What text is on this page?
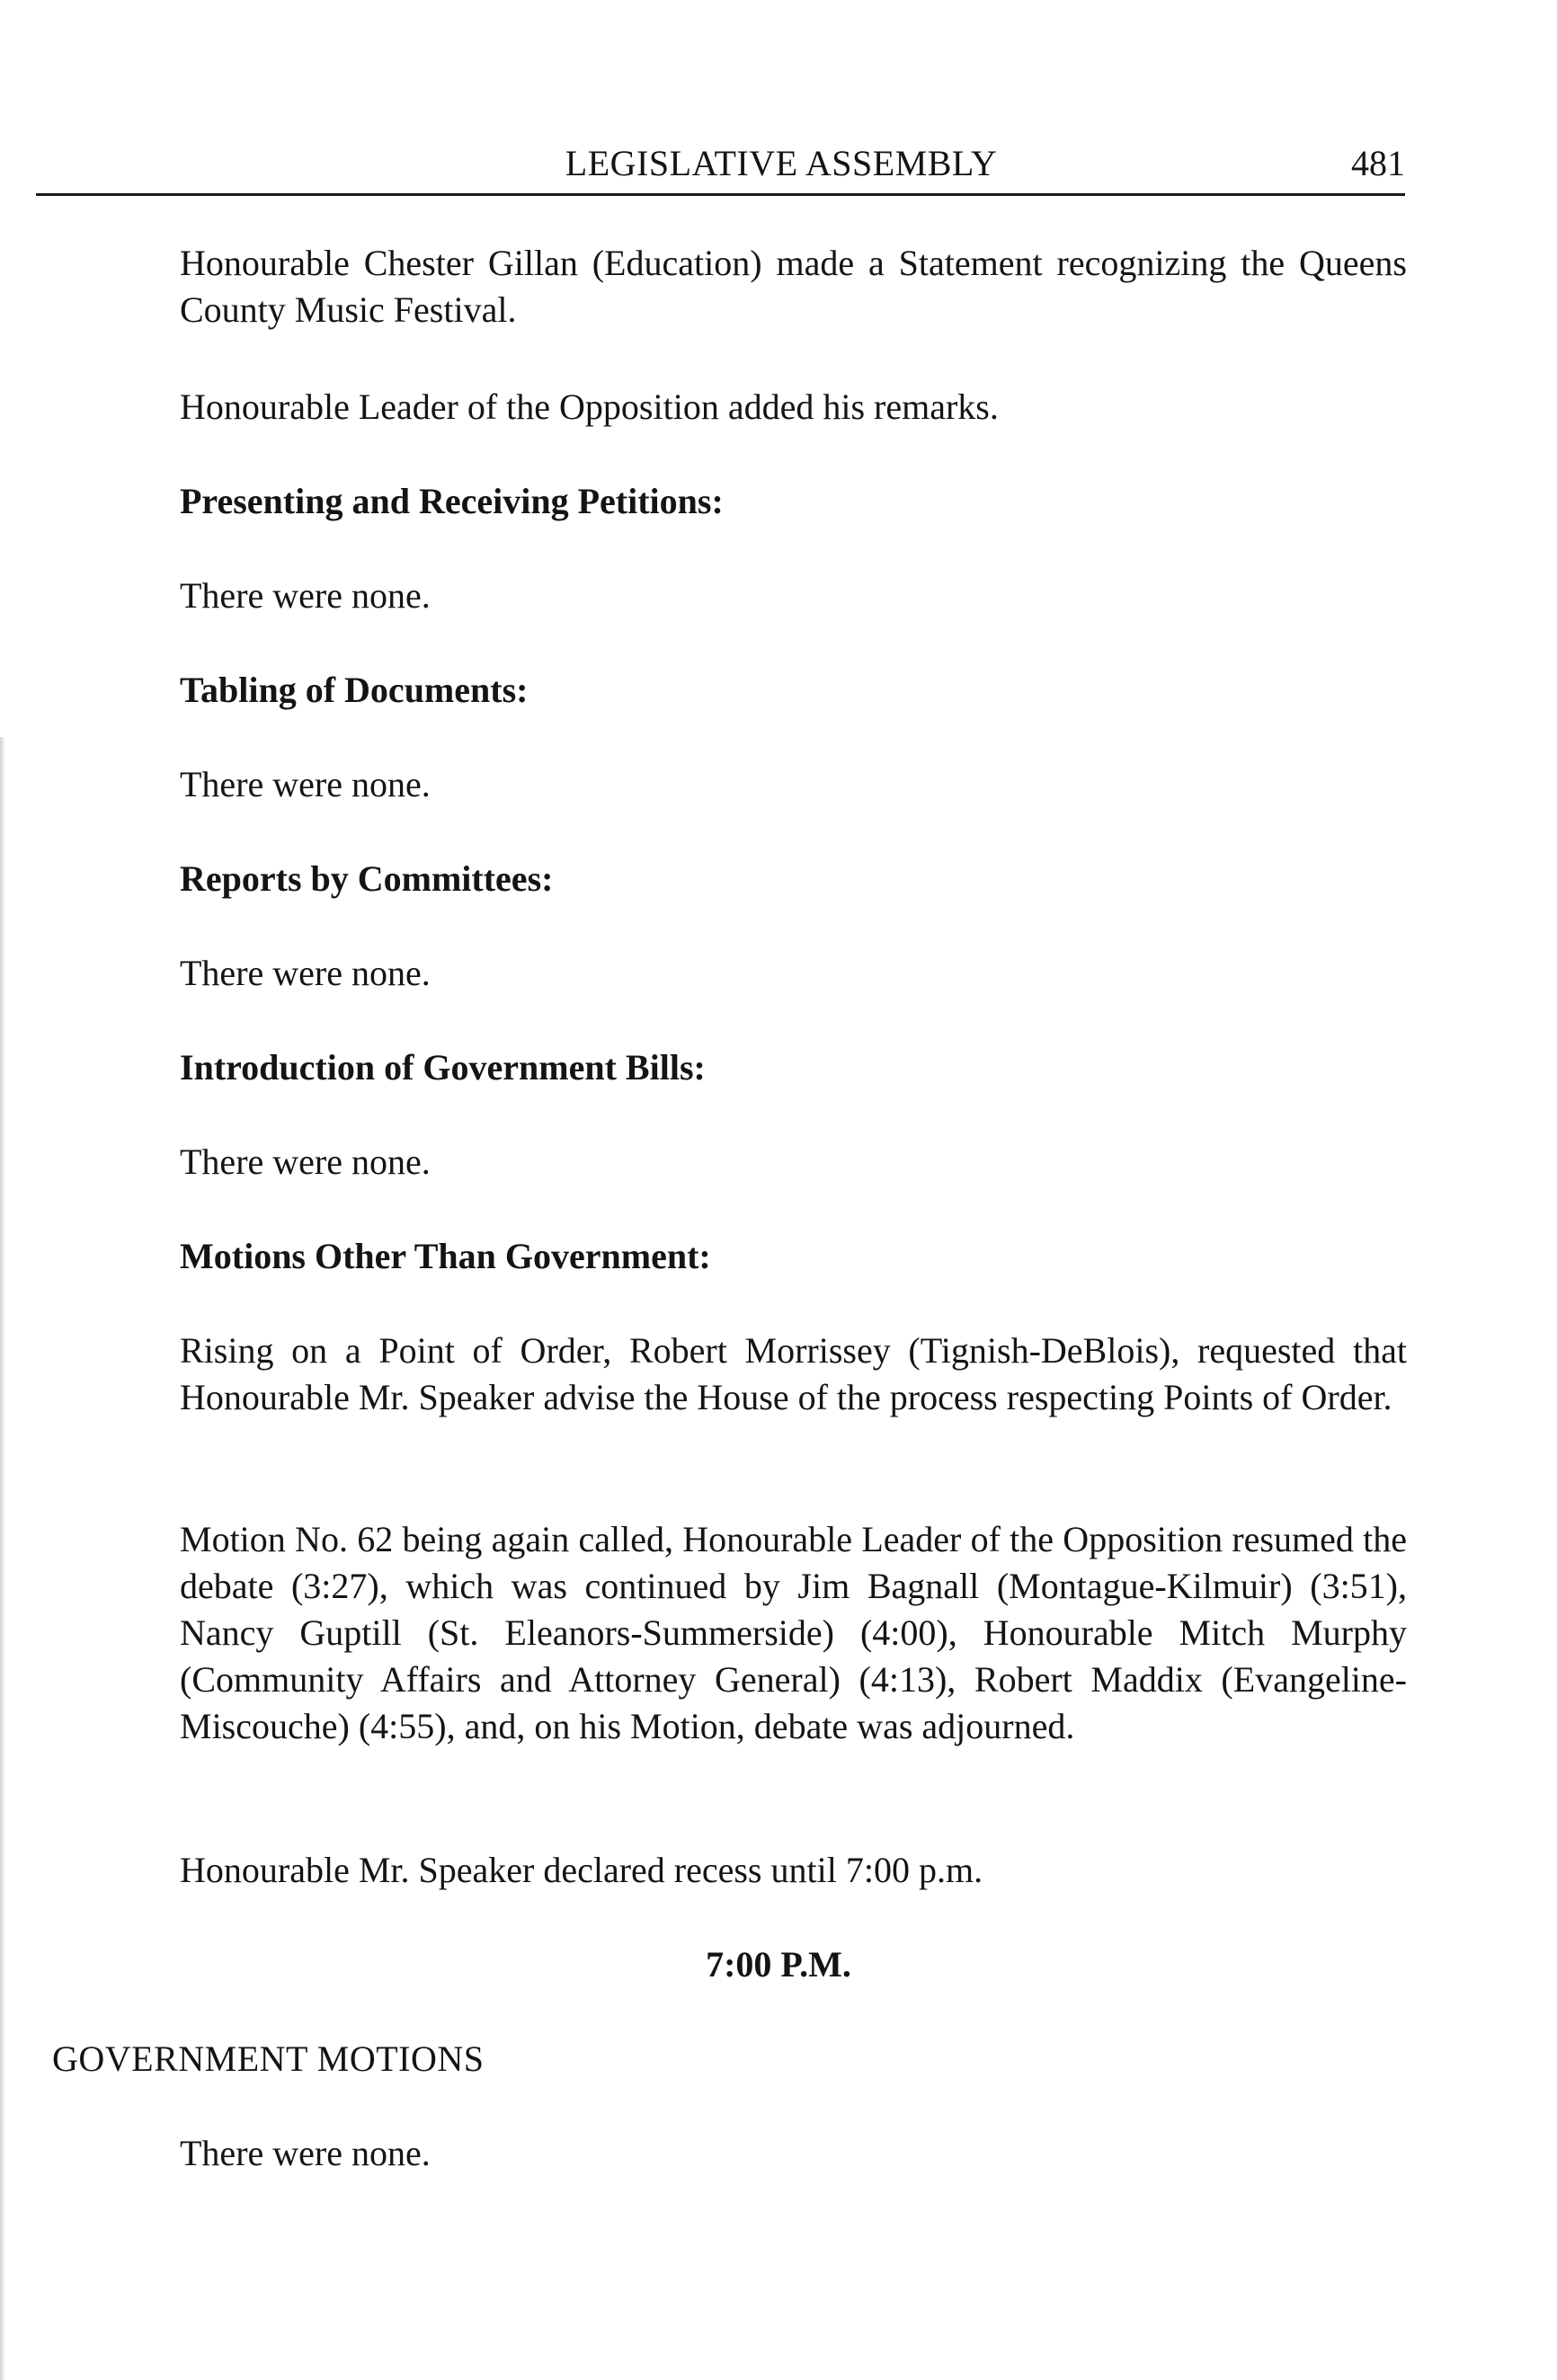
LEGISLATIVE ASSEMBLY	481
Honourable Chester Gillan (Education) made a Statement recognizing the Queens County Music Festival.
Honourable Leader of the Opposition added his remarks.
Presenting and Receiving Petitions:
There were none.
Tabling of Documents:
There were none.
Reports by Committees:
There were none.
Introduction of Government Bills:
There were none.
Motions Other Than Government:
Rising on a Point of Order, Robert Morrissey (Tignish-DeBlois), requested that Honourable Mr. Speaker advise the House of the process respecting Points of Order.
Motion No. 62 being again called, Honourable Leader of the Opposition resumed the debate (3:27), which was continued by Jim Bagnall (Montague-Kilmuir) (3:51), Nancy Guptill (St. Eleanors-Summerside) (4:00), Honourable Mitch Murphy (Community Affairs and Attorney General) (4:13), Robert Maddix (Evangeline-Miscouche) (4:55), and, on his Motion, debate was adjourned.
Honourable Mr. Speaker declared recess until 7:00 p.m.
7:00 P.M.
GOVERNMENT MOTIONS
There were none.
